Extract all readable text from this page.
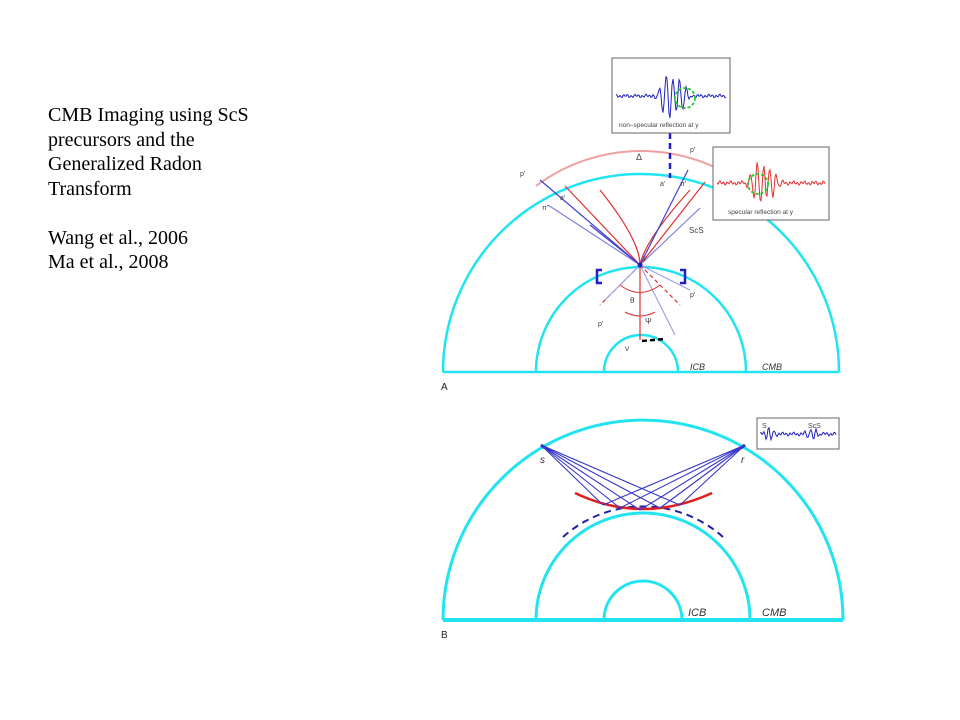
CMB Imaging using ScS
precursors and the
Generalized Radon
Transform
Wang et al., 2006
Ma et al., 2008
Δ
ScS
θ
Ψ
y
ν
p'
p'
p'
p'
π'
π'
a'
a'
ICB	CMB
A
non–specular reflection at y
specular reflection at y
s	r
ICB	CMB
B
S	ScS
